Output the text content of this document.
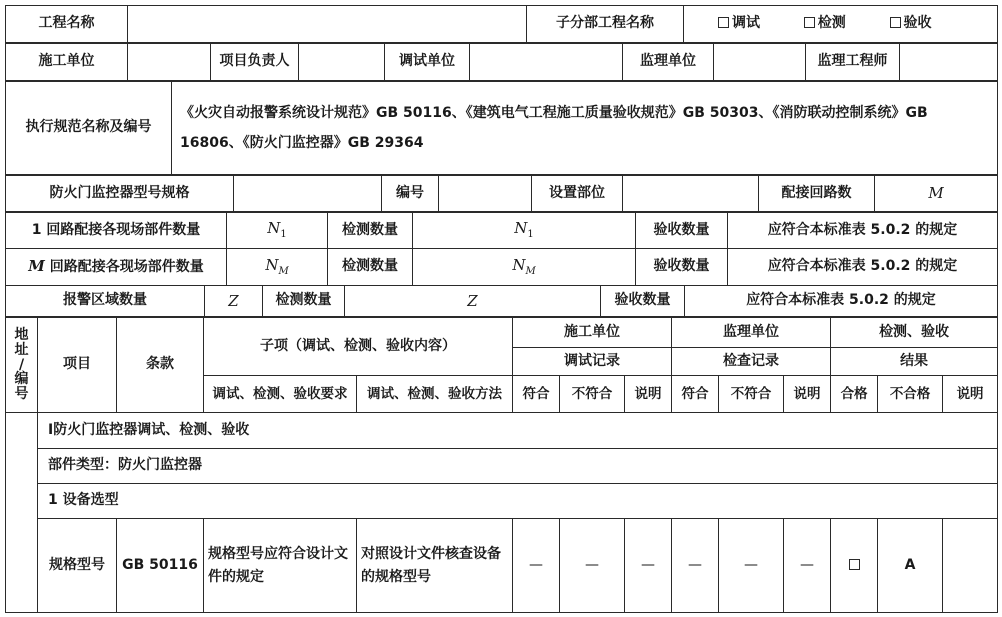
工程名称		子分部工程名称	调试	检测	验收
施工单位		项目负责人		调试单位		监理单位		监理工程师	
执行规范名称及编号	《火灾自动报警系统设计规范》GB 50116、《建筑电气工程施工质量验收规范》GB 50303、《消防联动控制系统》GB 16806、《防火门监控器》GB 29364
防火门监控器型号规格		编号		设置部位		配接回路数	M
1 回路配接各现场部件数量	$N_1$	检测数量	$N_1$	验收数量	应符合本标准表 5.0.2 的规定
M 回路配接各现场部件数量	$N_M$	检测数量	$N_M$	验收数量	应符合本标准表 5.0.2 的规定
报警区域数量	Z	检测数量	Z	验收数量	应符合本标准表 5.0.2 的规定
地址/编号	项目	条款	子项（调试、检测、验收内容）		施工单位			监理单位			检测、验收		
					调试记录			检查记录			结果		
			调试、检测、验收要求	调试、检测、验收方法	符合	不符合	说明	符合	不符合	说明	合格	不合格	说明
	Ⅰ防火门监控器调试、检测、验收												
	部件类型：防火门监控器												
	1 设备选型												
	规格型号	GB 50116	规格型号应符合设计文件的规定	对照设计文件核查设备的规格型号	—	—	—	—	—	—		A	
